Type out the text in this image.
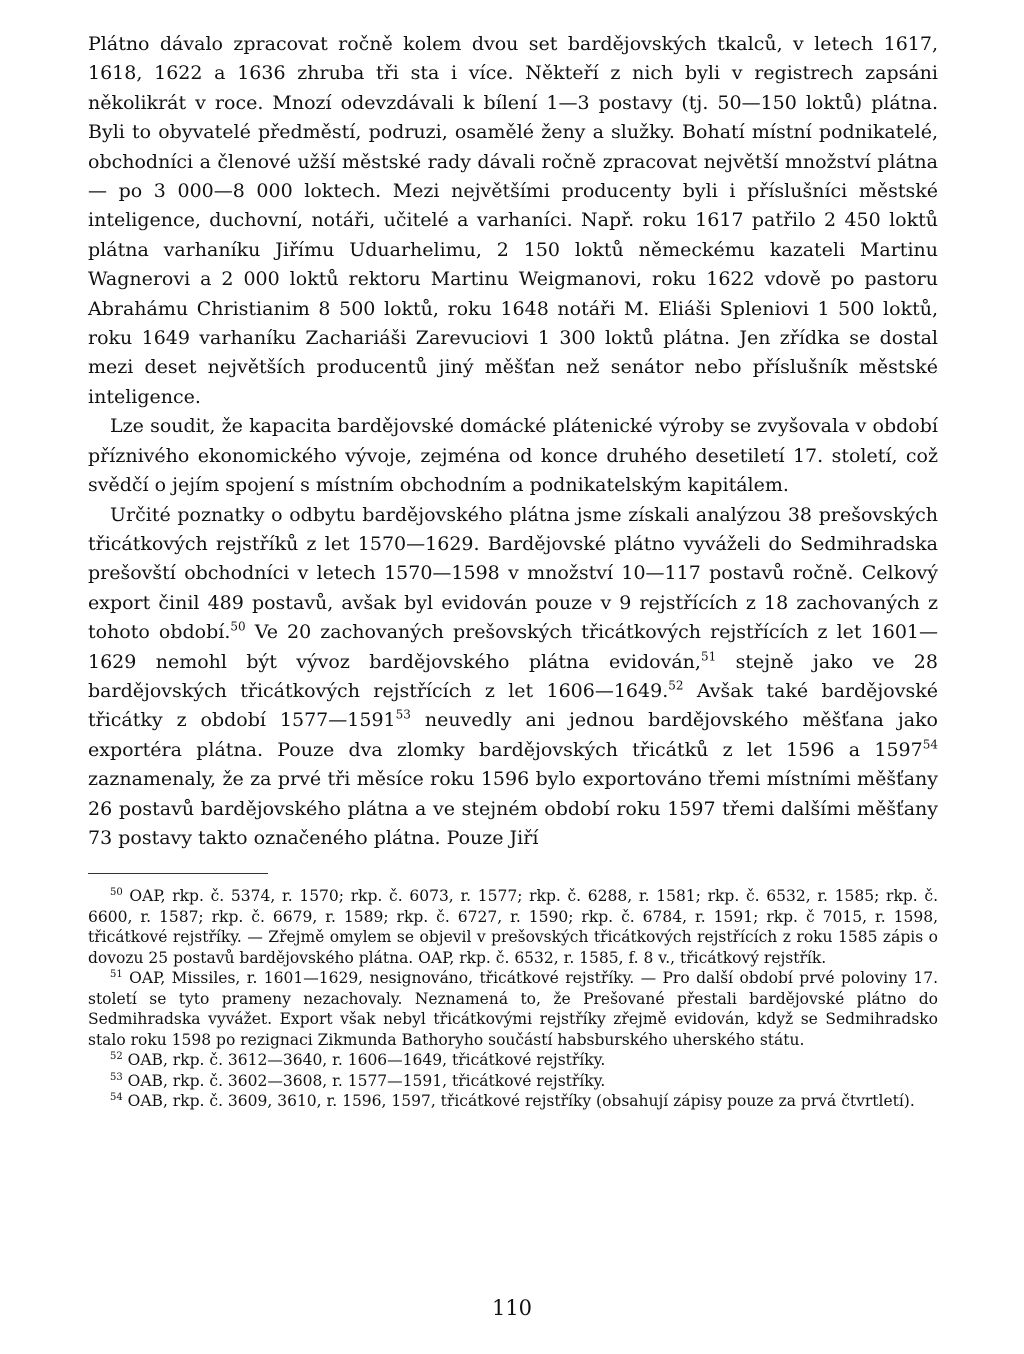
Plátno dávalo zpracovat ročně kolem dvou set bardějovských tkalců, v letech 1617, 1618, 1622 a 1636 zhruba tři sta i více. Někteří z nich byli v registrech zapsáni několikrát v roce. Mnozí odevzdávali k bílení 1—3 postavy (tj. 50—150 loktů) plátna. Byli to obyvatelé předměstí, podruzi, osamělé ženy a služky. Bohatí místní podnikatelé, obchodníci a členové užší městské rady dávali ročně zpracovat největší množství plátna — po 3 000—8 000 loktech. Mezi největšími producenty byli i příslušníci městské inteligence, duchovní, notáři, učitelé a varhaníci. Např. roku 1617 patřilo 2 450 loktů plátna varhaníku Jiřímu Uduarhelimu, 2 150 loktů německému kazateli Martinu Wagnerovi a 2 000 loktů rektoru Martinu Weigmanovi, roku 1622 vdově po pastoru Abrahámu Christianim 8 500 loktů, roku 1648 notáři M. Eliáši Spleniovi 1 500 loktů, roku 1649 varhaníku Zachariáši Zarevuciovi 1 300 loktů plátna. Jen zřídka se dostal mezi deset největších producentů jiný měšťan než senátor nebo příslušník městské inteligence.

Lze soudit, že kapacita bardějovské domácké plátenické výroby se zvyšovala v období příznivého ekonomického vývoje, zejména od konce druhého desetiletí 17. století, což svědčí o jejím spojení s místním obchodním a podnikatelským kapitálem.

Určité poznatky o odbytu bardějovského plátna jsme získali analýzou 38 prešovských třicátkových rejstříků z let 1570—1629. Bardějovské plátno vyváželi do Sedmihradska prešovští obchodníci v letech 1570—1598 v množství 10—117 postavů ročně. Celkový export činil 489 postavů, avšak byl evidován pouze v 9 rejstřících z 18 zachovaných z tohoto období.$^{50}$ Ve 20 zachovaných prešovských třicátkových rejstřících z let 1601—1629 nemohl být vývoz bardějovského plátna evidován,$^{51}$ stejně jako ve 28 bardějovských třicátkových rejstřících z let 1606—1649.52 Avšak také bardějovské třicátky z období 1577—1591$^{53}$ neuvedly ani jednou bardějovského měšťana jako exportéra plátna. Pouze dva zlomky bardějovských třicátků z let 1596 a 1597$^{54}$ zaznamenaly, že za prvé tři měsíce roku 1596 bylo exportováno třemi místními měšťany 26 postavů bardějovského plátna a ve stejném období roku 1597 třemi dalšími měšťany 73 postavy takto označeného plátna. Pouze Jiří

$^{50}$ OAP, rkp. č. 5374, r. 1570; rkp. č. 6073, r. 1577; rkp. č. 6288, r. 1581; rkp. č. 6532, r. 1585; rkp. č. 6600, r. 1587; rkp. č. 6679, r. 1589; rkp. č. 6727, r. 1590; rkp. č. 6784, r. 1591; rkp. č 7015, r. 1598, třicátkové rejstříky. — Zřejmě omylem se objevil v prešovských třicátkových rejstřících z roku 1585 zápis o dovozu 25 postavů bardějovského plátna. OAP, rkp. č. 6532, r. 1585, f. 8 v., třicátkový rejstřík.

$^{51}$ OAP, Missiles, r. 1601—1629, nesignováno, třicátkové rejstříky. — Pro další období prvé poloviny 17. století se tyto prameny nezachovaly. Neznamená to, že Prešované přestali bardějovské plátno do Sedmihradska vyvážet. Export však nebyl třicátkovými rejstříky zřejmě evidován, když se Sedmihradsko stalo roku 1598 po rezignaci Zikmunda Bathoryho součástí habsburského uherského státu.

$^{52}$ OAB, rkp. č. 3612—3640, r. 1606—1649, třicátkové rejstříky.

$^{53}$ OAB, rkp. č. 3602—3608, r. 1577—1591, třicátkové rejstříky.

$^{54}$ OAB, rkp. č. 3609, 3610, r. 1596, 1597, třicátkové rejstříky (obsahují zápisy pouze za prvá čtvrtletí).

110
